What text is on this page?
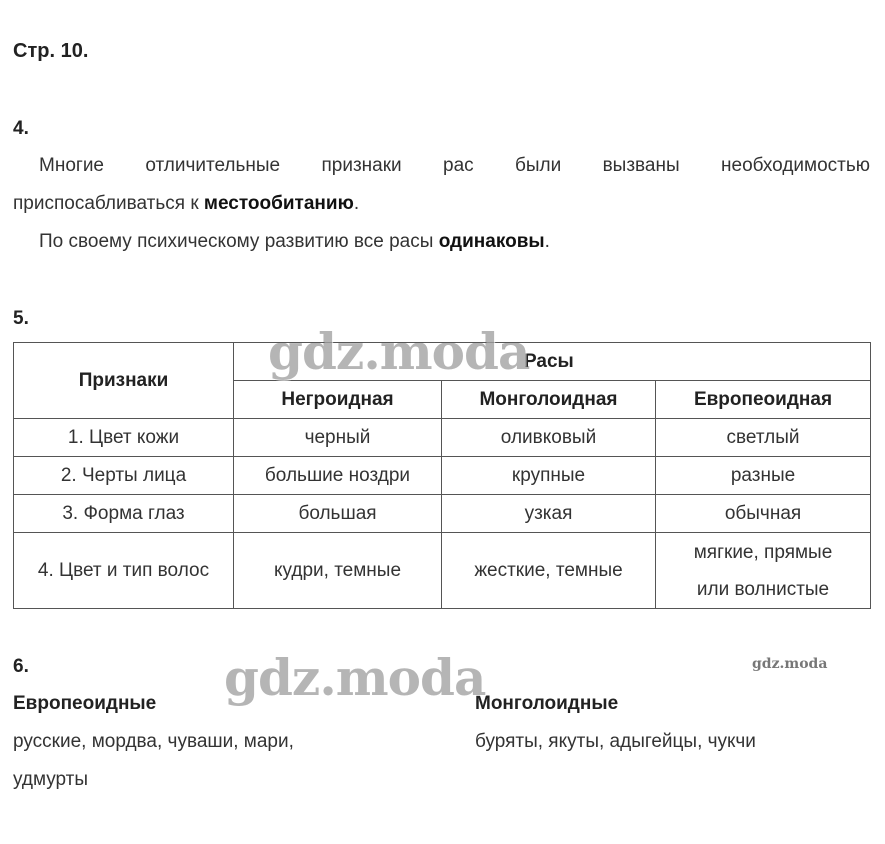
Стр. 10.
4.
Многие отличительные признаки рас были вызваны необходимостью
приспосабливаться к местообитанию.
По своему психическому развитию все расы одинаковы.
5.
Признаки	Расы		
	Негроидная	Монголоидная	Европеоидная
1. Цвет кожи	черный	оливковый	светлый
2. Черты лица	большие ноздри	крупные	разные
3. Форма глаз	большая	узкая	обычная
4. Цвет и тип волос	кудри, темные	жесткие, темные	мягкие, прямые или волнистые
gdz.moda
6.	gdz.moda
Европеоидные
русские, мордва, чуваши, мари, удмурты
Монголоидные
буряты, якуты, адыгейцы, чукчи
gdz.moda
